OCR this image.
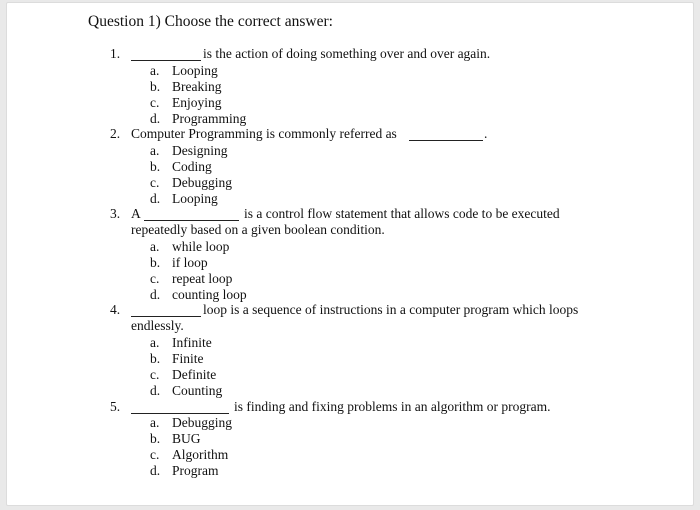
Question 1) Choose the correct answer:
1.	is the action of doing something over and over again.
a. Looping
b. Breaking
c. Enjoying
d. Programming
2. Computer Programming is commonly referred as	.
a. Designing
b. Coding
c. Debugging
d. Looping
3. A	is a control flow statement that allows code to be executed
repeatedly based on a given boolean condition.
a. while loop
b. if loop
c. repeat loop
d. counting loop
4.	loop is a sequence of instructions in a computer program which loops
endlessly.
a. Infinite
b. Finite
c. Definite
d. Counting
5.	is finding and fixing problems in an algorithm or program.
a. Debugging
b. BUG
c. Algorithm
d. Program
